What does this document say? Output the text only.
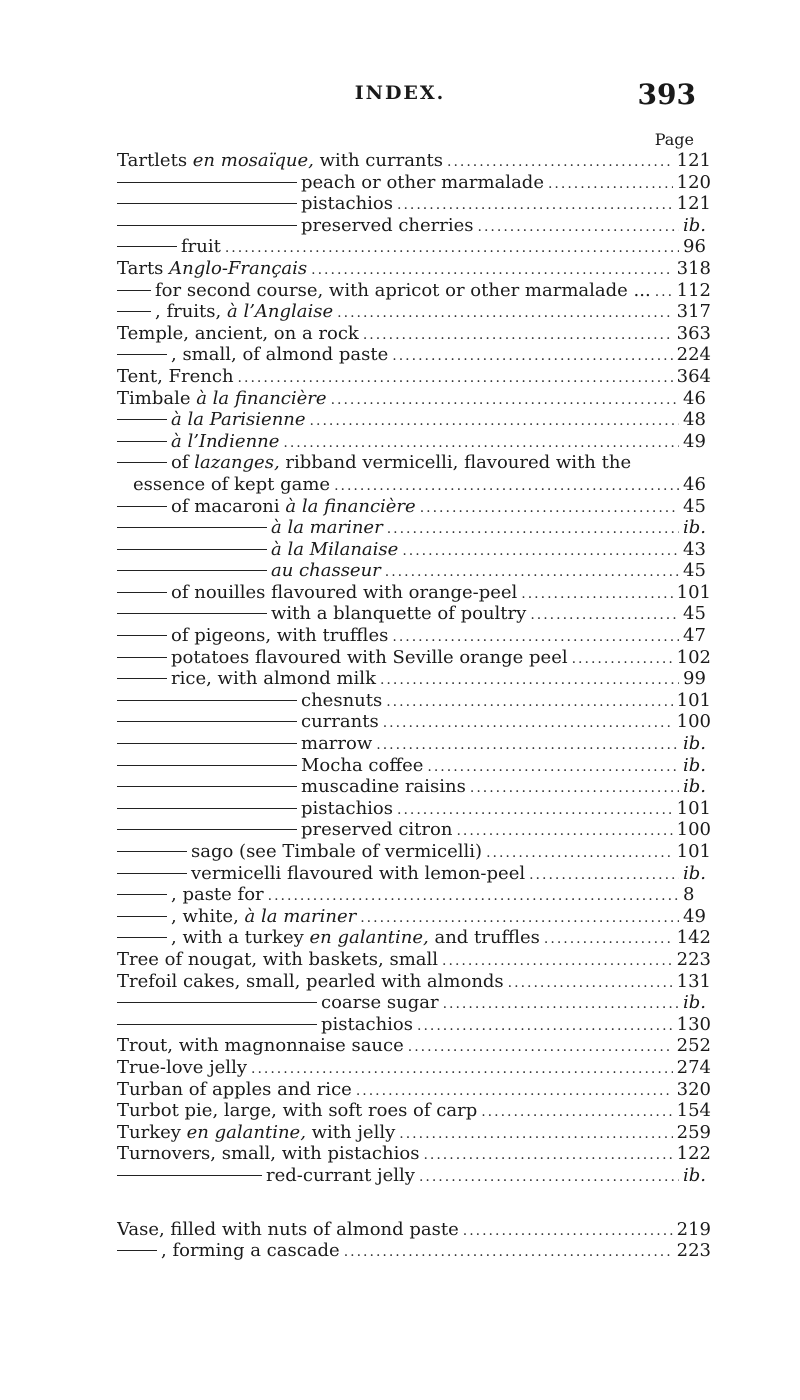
INDEX.	393
Page
Tartlets en mosaïque, with currants .....	121
peach or other marmalade .....	120
pistachios .....	121
preserved cherries .....	ib.
fruit .....	96
Tarts Anglo-Français .....	318
for second course, with apricot or other marmalade ... ..... 112
, fruits, à l’Anglaise .....	317
Temple, ancient, on a rock .....	363
, small, of almond paste .....	224
Tent, French .....	364
Timbale à la financière .....	46
à la Parisienne .....	48
à l’Indienne .....	49
of lazanges, ribband vermicelli, flavoured with the
essence of kept game .....	46
of macaroni à la financière .....	45
à la mariner .....	ib.
à la Milanaise .....	43
au chasseur .....	45
of nouilles flavoured with orange-peel .....	101
with a blanquette of poultry .....	45
of pigeons, with truffles .....	47
potatoes flavoured with Seville orange peel .....	102
rice, with almond milk .....	99
chesnuts .....	101
currants .....	100
marrow .....	ib.
Mocha coffee .....	ib.
muscadine raisins .....	ib.
pistachios .....	101
preserved citron .....	100
sago (see Timbale of vermicelli) .....	101
vermicelli flavoured with lemon-peel .....	ib.
, paste for .....	8
, white, à la mariner .....	49
, with a turkey en galantine, and truffles .....	142
Tree of nougat, with baskets, small .....	223
Trefoil cakes, small, pearled with almonds .....	131
coarse sugar .....	ib.
pistachios .....	130
Trout, with magnonnaise sauce .....	252
True-love jelly .....	274
Turban of apples and rice .....	320
Turbot pie, large, with soft roes of carp .....	154
Turkey en galantine, with jelly .....	259
Turnovers, small, with pistachios .....	122
red-currant jelly .....	ib.
Vase, filled with nuts of almond paste .....	219
, forming a cascade .....	223
